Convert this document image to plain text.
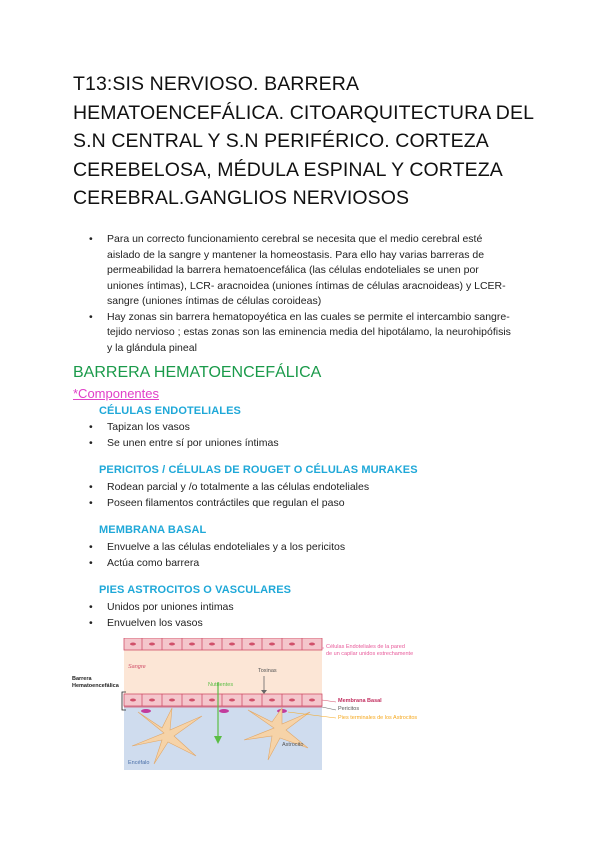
T13:SIS NERVIOSO. BARRERA HEMATOENCEFÁLICA. CITOARQUITECTURA DEL S.N CENTRAL Y S.N PERIFÉRICO. CORTEZA CEREBELOSA, MÉDULA ESPINAL Y CORTEZA CEREBRAL.GANGLIOS NERVIOSOS
• Para un correcto funcionamiento cerebral se necesita que el medio cerebral esté aislado de la sangre y mantener la homeostasis. Para ello hay varias barreras de permeabilidad la barrera hematoencefálica (las células endoteliales se unen por uniones íntimas), LCR- aracnoidea (uniones íntimas de células aracnoideas) y LCER-sangre (uniones íntimas de células coroideas)
• Hay zonas sin barrera hematopoyética en las cuales se permite el intercambio sangre- tejido nervioso ; estas zonas son las eminencia media del hipotálamo, la neurohipófisis y la glándula pineal
BARRERA HEMATOENCEFÁLICA
*Componentes
CÉLULAS ENDOTELIALES
• Tapizan los vasos
• Se unen entre sí por uniones íntimas
PERICITOS / CÉLULAS DE ROUGET O CÉLULAS MURAKES
• Rodean parcial y /o totalmente a las células endoteliales
• Poseen filamentos contráctiles que regulan el paso
MEMBRANA BASAL
• Envuelve a las células endoteliales y a los pericitos
• Actúa como barrera
PIES ASTROCITOS O VASCULARES
• Unidos por uniones intimas
• Envuelven los vasos
Barrera
Hematoencefálica
Sangre
Toxinas
Nutrientes
Astrocito
Encéfalo
Células Endoteliales de la pared
de un capilar unidos estrechamente
Membrana Basal
Pericitos
Pies terminales de los Astrocitos
